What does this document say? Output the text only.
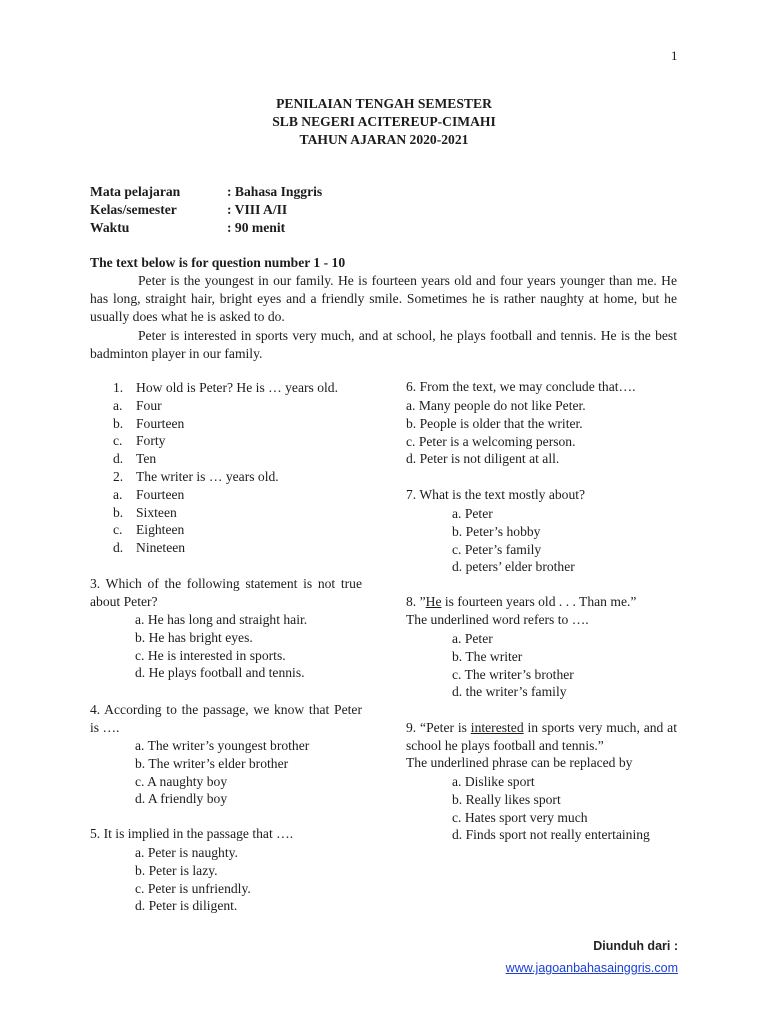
1
PENILAIAN TENGAH SEMESTER
SLB NEGERI ACITEREUP-CIMAHI
TAHUN AJARAN 2020-2021
Mata pelajaran	: Bahasa Inggris
Kelas/semester	: VIII A/II
Waktu	: 90 menit
The text below is for question number 1 - 10

Peter is the youngest in our family. He is fourteen years old and four years younger than me. He has long, straight hair, bright eyes and a friendly smile. Sometimes he is rather naughty at home, but he usually does what he is asked to do.

Peter is interested in sports very much, and at school, he plays football and tennis. He is the best badminton player in our family.

1. How old is Peter? He is … years old.
a. Four
b. Fourteen
c. Forty
d. Ten
2. The writer is … years old.
a. Fourteen
b. Sixteen
c. Eighteen
d. Nineteen
3. Which of the following statement is not true about Peter?
a. He has long and straight hair.
b. He has bright eyes.
c. He is interested in sports.
d. He plays football and tennis.
4. According to the passage, we know that Peter is ….
a. The writer’s youngest brother
b. The writer’s elder brother
c. A naughty boy
d. A friendly boy
5. It is implied in the passage that ….
a. Peter is naughty.
b. Peter is lazy.
c. Peter is unfriendly.
d. Peter is diligent.
6. From the text, we may conclude that….
a. Many people do not like Peter.
b. People is older that the writer.
c. Peter is a welcoming person.
d. Peter is not diligent at all.
7. What is the text mostly about?
a. Peter
b. Peter’s hobby
c. Peter’s family
d. peters’ elder brother
8. ”He is fourteen years old . . . Than me.”
The underlined word refers to ….
a. Peter
b. The writer
c. The writer’s brother
d. the writer’s family
9. “Peter is interested in sports very much, and at school he plays football and tennis.”
The underlined phrase can be replaced by
a. Dislike sport
b. Really likes sport
c. Hates sport very much
d. Finds sport not really entertaining
Diunduh dari :
www.jagoanbahasainggris.com
